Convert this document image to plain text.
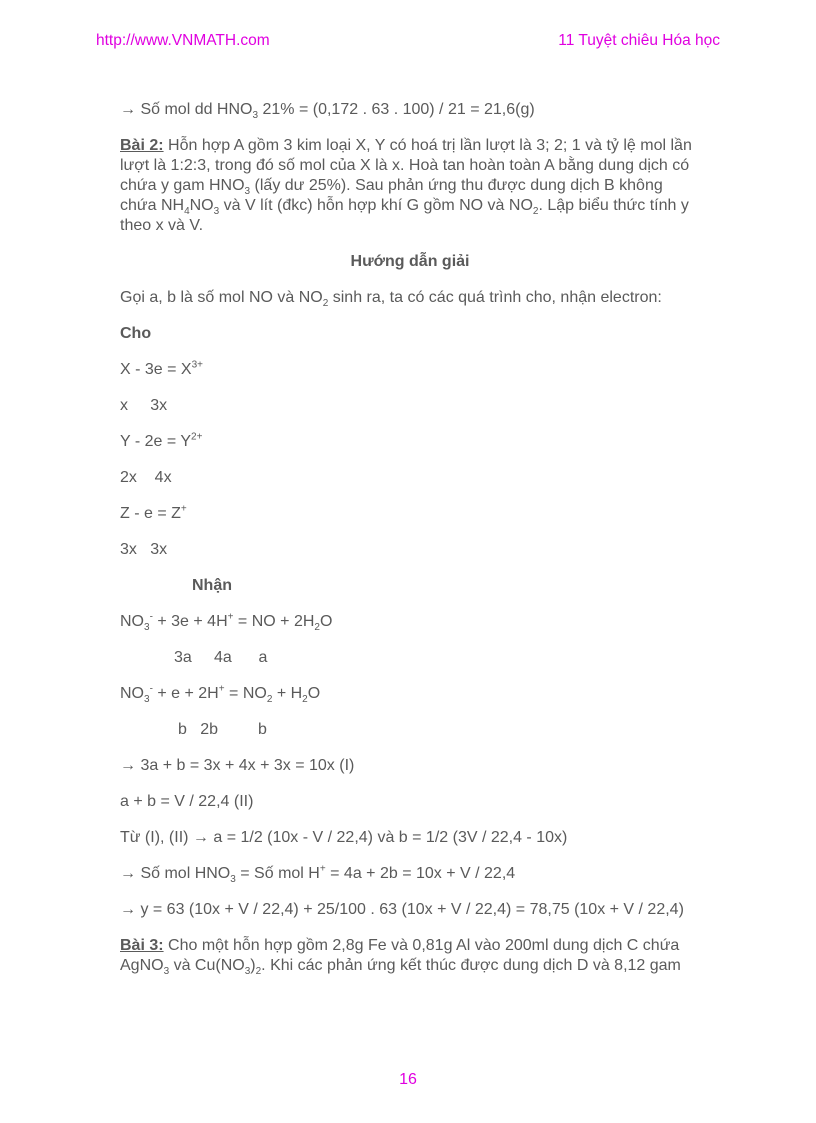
http://www.VNMATH.com	11 Tuyệt chiêu Hóa học

→ Số mol dd $HNO_3$ 21% = (0,172 . 63 . 100) / 21 = 21,6(g)

Bài 2: Hỗn hợp A gồm 3 kim loại X, Y có hoá trị lần lượt là 3; 2; 1 và tỷ lệ mol lần lượt là 1:2:3, trong đó số mol của X là x. Hoà tan hoàn toàn A bằng dung dịch có chứa y gam $HNO_3$ (lấy dư 25%). Sau phản ứng thu được dung dịch B không chứa $NH_4NO_3$ và V lít (đkc) hỗn hợp khí G gồm NO và $NO_2$. Lập biểu thức tính y theo x và V.

Hướng dẫn giải

Gọi a, b là số mol NO và $NO_2$ sinh ra, ta có các quá trình cho, nhận electron:

Cho

$X - 3e = X^{3+}$

x     3x

$Y - 2e = Y^{2+}$

2x    4x

Z - e = Z+

3x   3x

Nhận

$NO_3^- + 3e + 4H^+$ = NO + $2H_2O$

3a     4a      a

$NO_3^- + e + 2H^+ = NO_2 + H_2O$

b   2b         b

→ 3a + b = 3x + 4x + 3x = 10x (I)

a + b = V / 22,4 (II)

Từ (I), (II) → a = 1/2 (10x - V / 22,4) và b = 1/2 (3V / 22,4 - 10x)

→ Số mol $HNO_3$ = Số mol H+ = 4a + 2b = 10x + V / 22,4

→ y = 63 (10x + V / 22,4) + 25/100 . 63 (10x + V / 22,4) = 78,75 (10x + V / 22,4)

Bài 3: Cho một hỗn hợp gồm 2,8g Fe và 0,81g Al vào 200ml dung dịch C chứa AgNO$_3$ và $Cu(NO_3)_2$. Khi các phản ứng kết thúc được dung dịch D và 8,12 gam

16
